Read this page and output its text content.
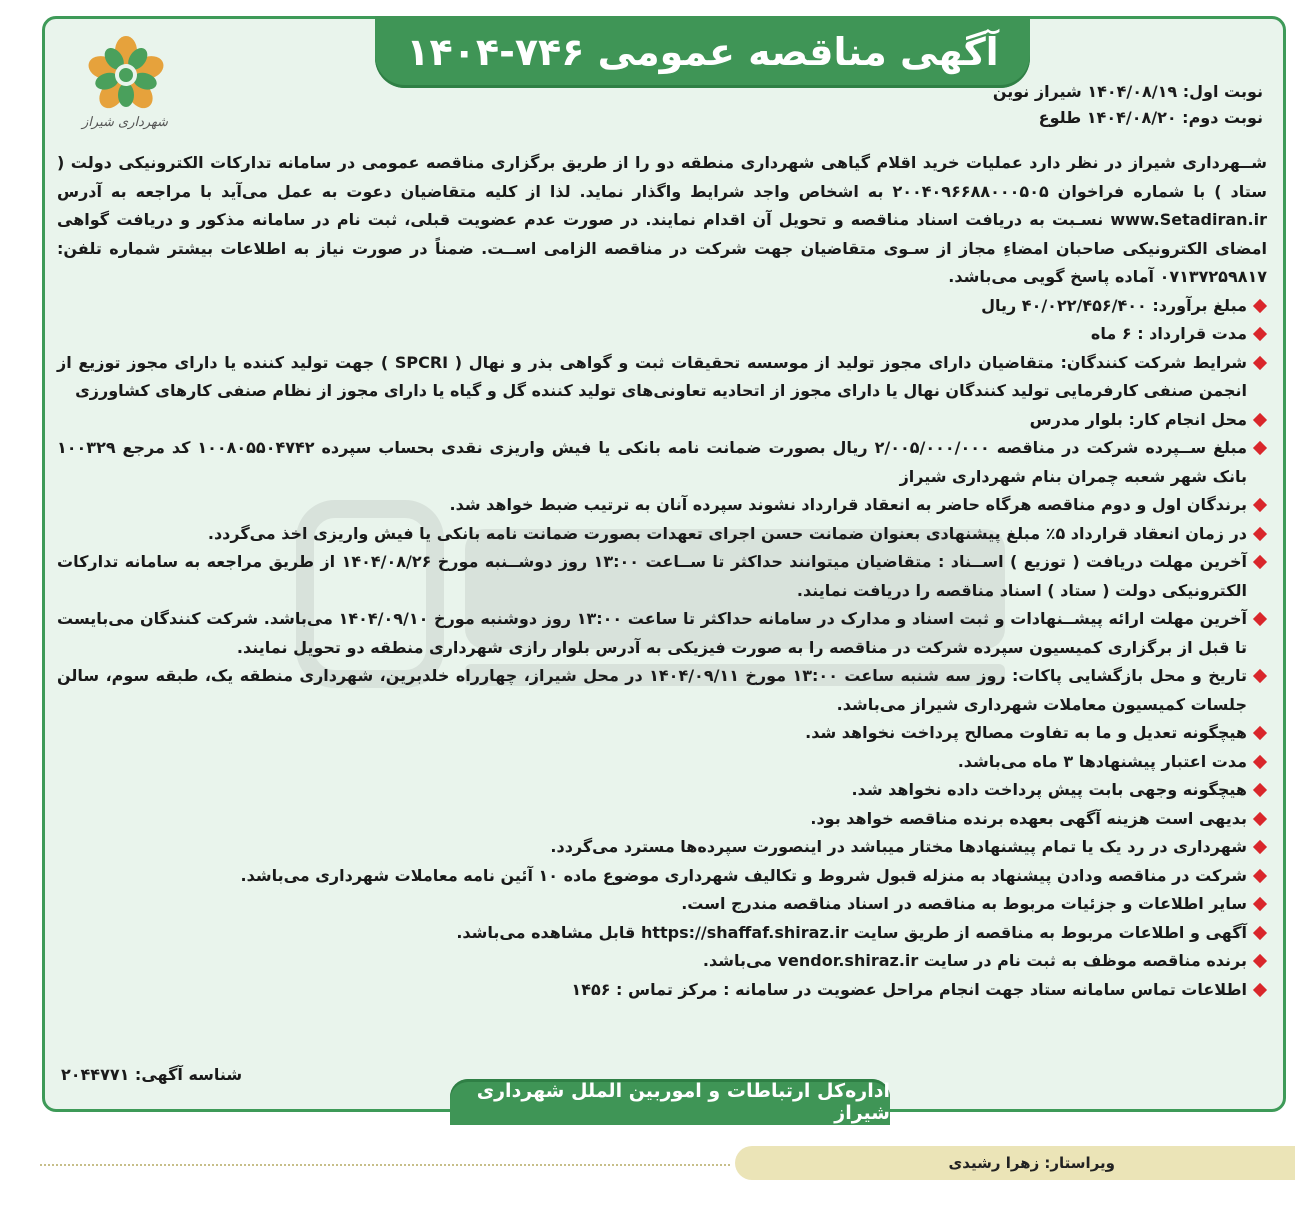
آگهی مناقصه عمومی ۷۴۶-۱۴۰۴
شهرداری شیراز
نوبت اول: ۱۴۰۴/۰۸/۱۹ شیراز نوین
نوبت دوم: ۱۴۰۴/۰۸/۲۰ طلوع

شــهرداری شیراز در نظر دارد عملیات خرید اقلام گیاهی شهرداری منطقه دو را از طریق برگزاری مناقصه عمومی در سامانه تدارکات الکترونیکی دولت ( ستاد ) با شماره فراخوان ۲۰۰۴۰۹۶۶۸۸۰۰۰۵۰۵ به اشخاص واجد شرایط واگذار نماید. لذا از کلیه متقاضیان دعوت به عمل می‌آید با مراجعه به آدرس www.Setadiran.ir نسـبت به دریافت اسناد مناقصه و تحویل آن اقدام نمایند. در صورت عدم عضویت قبلی، ثبت نام در سامانه مذکور و دریافت گواهی امضای الکترونیکی صاحبان امضاءِ مجاز از سـوی متقاضیان جهت شرکت در مناقصه الزامی اســت. ضمناً در صورت نیاز به اطلاعات بیشتر شماره تلفن: ۰۷۱۳۷۲۵۹۸۱۷ آماده پاسخ گویی می‌باشد.

مبلغ برآورد: ۴۰/۰۲۲/۴۵۶/۴۰۰ ریال
مدت قرارداد : ۶ ماه
شرایط شرکت کنندگان: متقاضیان دارای مجوز تولید از موسسه تحقیقات ثبت و گواهی بذر و نهال ( SPCRI ) جهت تولید کننده یا دارای مجوز توزیع از انجمن صنفی کارفرمایی تولید کنندگان نهال یا دارای مجوز از اتحادیه تعاونی‌های تولید کننده گل و گیاه یا دارای مجوز از نظام صنفی کارهای کشاورزی
محل انجام کار: بلوار مدرس
مبلغ ســپرده شرکت در مناقصه ۲/۰۰۵/۰۰۰/۰۰۰ ریال بصورت ضمانت نامه بانکی یا فیش واریزی نقدی بحساب سپرده ۱۰۰۸۰۵۵۰۴۷۴۲ کد مرجع ۱۰۰۳۲۹ بانک شهر شعبه چمران بنام شهرداری شیراز
برندگان اول و دوم مناقصه هرگاه حاضر به انعقاد قرارداد نشوند سپرده آنان به ترتیب ضبط خواهد شد.
در زمان انعقاد قرارداد ۵٪ مبلغ پیشنهادی بعنوان ضمانت حسن اجرای تعهدات بصورت ضمانت نامه بانکی یا فیش واریزی اخذ می‌گردد.
آخرین مهلت دریافت ( توزیع ) اســناد : متقاضیان میتوانند حداکثر تا ســاعت ۱۳:۰۰ روز دوشــنبه مورخ ۱۴۰۴/۰۸/۲۶ از طریق مراجعه به سامانه تدارکات الکترونیکی دولت ( ستاد ) اسناد مناقصه را دریافت نمایند.
آخرین مهلت ارائه پیشــنهادات و ثبت اسناد و مدارک در سامانه حداکثر تا ساعت ۱۳:۰۰ روز دوشنبه مورخ ۱۴۰۴/۰۹/۱۰ می‌باشد. شرکت کنندگان می‌بایست تا قبل از برگزاری کمیسیون سپرده شرکت در مناقصه را به صورت فیزیکی به آدرس بلوار رازی شهرداری منطقه دو تحویل نمایند.
تاریخ و محل بازگشایی پاکات: روز سه شنبه ساعت ۱۳:۰۰ مورخ ۱۴۰۴/۰۹/۱۱ در محل شیراز، چهارراه خلدبرین، شهرداری منطقه یک، طبقه سوم، سالن جلسات کمیسیون معاملات شهرداری شیراز می‌باشد.
هیچگونه تعدیل و ما به تفاوت مصالح پرداخت نخواهد شد.
مدت اعتبار پیشنهادها ۳ ماه می‌باشد.
هیچگونه وجهی بابت پیش پرداخت داده نخواهد شد.
بدیهی است هزینه آگهی بعهده برنده مناقصه خواهد بود.
شهرداری در رد یک یا تمام پیشنهادها مختار میباشد در اینصورت سپرده‌ها مسترد می‌گردد.
شرکت در مناقصه ودادن پیشنهاد به منزله قبول شروط و تکالیف شهرداری موضوع ماده ۱۰ آئین نامه معاملات شهرداری می‌باشد.
سایر اطلاعات و جزئیات مربوط به مناقصه در اسناد مناقصه مندرج است.
آگهی و اطلاعات مربوط به مناقصه از طریق سایت https://shaffaf.shiraz.ir قابل مشاهده می‌باشد.
برنده مناقصه موظف به ثبت نام در سایت vendor.shiraz.ir می‌باشد.
اطلاعات تماس سامانه ستاد جهت انجام مراحل عضویت در سامانه : مرکز تماس : ۱۴۵۶
شناسه آگهی: ۲۰۴۴۷۷۱
اداره‌کل ارتباطات و اموربین الملل شهرداری شیراز
ویراستار: زهرا رشیدی
